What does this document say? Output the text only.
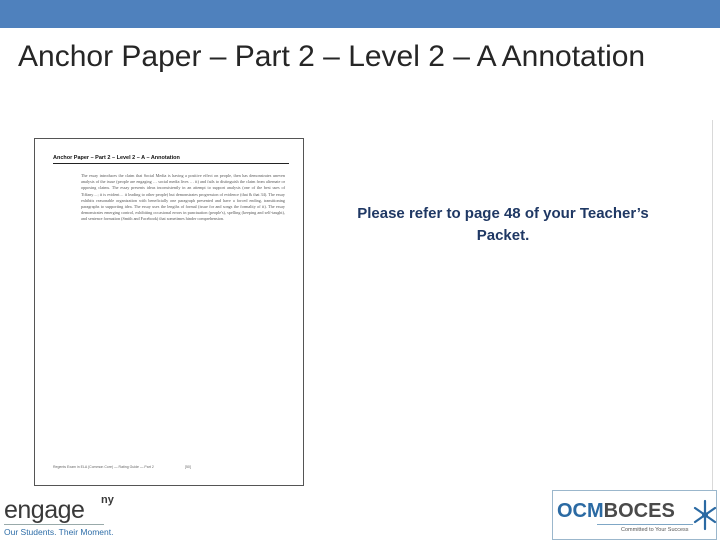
Anchor Paper – Part 2 – Level 2 – A Annotation
Anchor Paper – Part 2 – Level 2 – A – Annotation
The essay introduces the claim that Social Media is having a positive effect on people, then has demonstrates uneven analysis of the issue (people are engaging … social media lives … it) and fails to distinguish the claim from alternate or opposing claims. The essay presents ideas inconsistently in an attempt to support analysis (one of the best uses of Tiffany…; it is evident… it leading to other people) but demonstrates progression of evidence (that & that 34). The essay exhibits reasonable organization with beneficially one paragraph presented and have a forced ending, transitioning paragraphs to supporting idea. The essay uses the lengths of formal (issue for and songs the formality of it). The essay demonstrates emerging control, exhibiting occasional errors in punctuation (people's), spelling (keeping and self-taught), and sentence formation (Smith and Facebook) that sometimes hinder comprehension.
Regents Exam in ELA (Common Core) — Rating Guide — Part 2	[50]
Please refer to page 48 of your Teacher’s Packet.
engage ny
Our Students. Their Moment.
OCMBOCES
Committed to Your Success
